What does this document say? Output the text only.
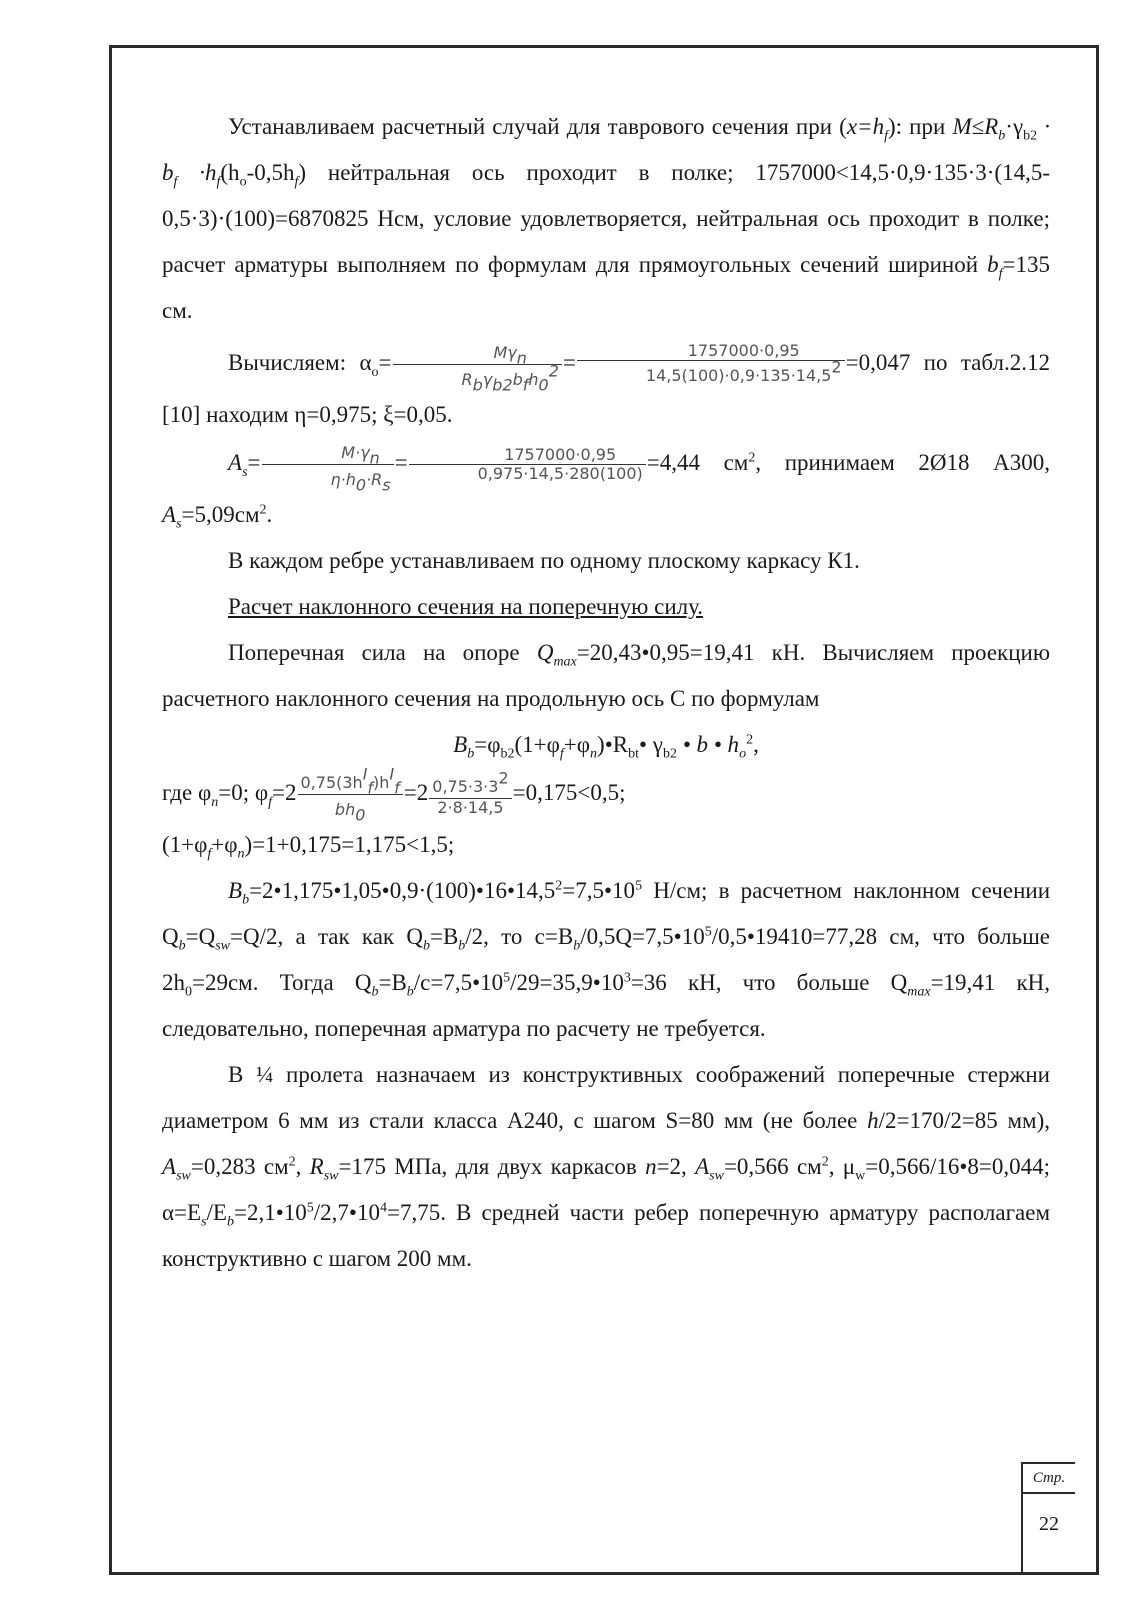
Устанавливаем расчетный случай для таврового сечения при $(x=h_f)$: при $M\le R_b\cdot\gamma_{b2} \cdot b_f \cdot h_f(h_o-0,5h_f)$ нейтральная ось проходит в полке; 1757000<14,5·0,9·135·3·(14,5-0,5·3)·(100)=6870825 Нсм, условие удовлетворяется, нейтральная ось проходит в полке; расчет арматуры выполняем по формулам для прямоугольных сечений шириной $b_f=135$ см.

Вычисляем: $\alpha_o= \frac{M\gamma_n}{R_b\gamma_{b2}b_fh_0^2} = \frac{1757000\cdot 0,95}{14,5(100)\cdot 0,9\cdot 135\cdot 14,5^2} =0,047$ по табл.2.12 [10] находим η=0,975; ξ=0,05.

$A_s= \frac{M\cdot\gamma_n}{\eta\cdot h_0\cdot R_s} = \frac{1757000\cdot 0,95}{0,975\cdot 14,5\cdot 280(100)} =4,44$ $см^2$, принимаем 2Ø18 А300, $A_s=5,09см^2$.

В каждом ребре устанавливаем по одному плоскому каркасу К1.

Расчет наклонного сечения на поперечную силу.

Поперечная сила на опоре $Q_{max}=20,43•0,95=19,41$ кН. Вычисляем проекцию расчетного наклонного сечения на продольную ось С по формулам

$B_b=\varphi_{b2}(1+\varphi_f+\varphi_n)•R_{bt}•$ $\gamma_{b2}$ • b • $h_o^2$,

где $\varphi_n=0$; $\varphi_f=2 \frac{0,75(3h^I_f)h^I_f}{bh_0} =2 \frac{0,75\cdot 3\cdot 3^2}{2\cdot 8\cdot 14,5} =0,175<0,5$;

$(1+\varphi_f+\varphi_n)=1+0,175=1,175<1,5$;

$B_b=2•1,175•1,05•0,9\cdot(100)•16•14,5^2=7,5•10^5$ Н/см; в расчетном наклонном сечении $Q_b=Q_{sw}=Q/2$, а так как $Q_b=B_b/2$, то $c=B_b/0,5Q=7,5•10^5/0,5•19410=77,28$ см, что больше $2h_0=29см$. Тогда $Q_b=B_b/c=7,5•10^5/29=35,9•10^3=36$ кН, что больше $Q_{max}=19,41$ кН, следовательно, поперечная арматура по расчету не требуется.

В ¼ пролета назначаем из конструктивных соображений поперечные стержни диаметром 6 мм из стали класса А240, с шагом S=80 мм (не более h/2=170/2=85 мм), $A_{sw}=0,283$ $см^2$, $R_{sw}=175$ МПа, для двух каркасов n=2, $A_{sw}=0,566$ $см^2$, $\mu_w=0,566/16•8=0,044$; $\alpha=E_s/E_b=2,1•10^5/2,7•10^4=7,75$. В средней части ребер поперечную арматуру располагаем конструктивно с шагом 200 мм.

Стр.
22
